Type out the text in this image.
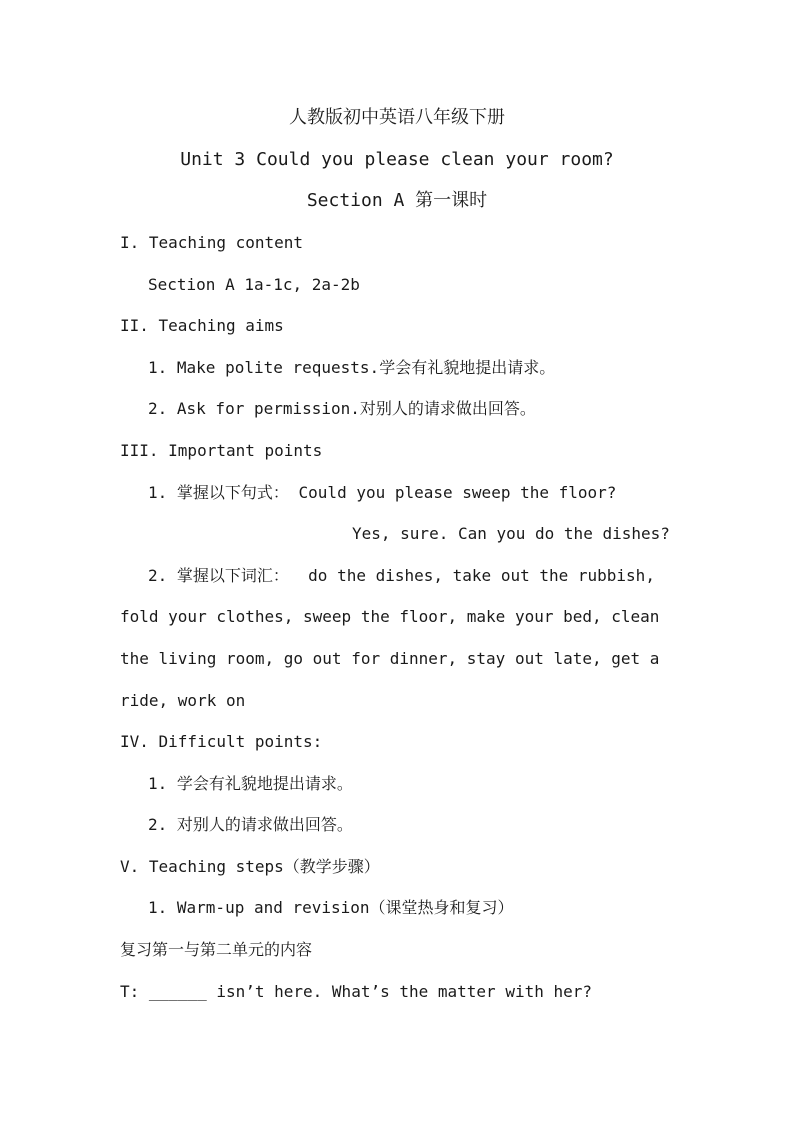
人教版初中英语八年级下册
Unit 3 Could you please clean your room?
Section A 第一课时
I. Teaching content
Section A 1a-1c, 2a-2b
II. Teaching aims
1. Make polite requests.学会有礼貌地提出请求。
2. Ask for permission.对别人的请求做出回答。
III. Important points
1. 掌握以下句式： Could you please sweep the floor?
Yes, sure. Can you do the dishes?
2. 掌握以下词汇：  do the dishes, take out the rubbish,
fold your clothes, sweep the floor, make your bed, clean
the living room, go out for dinner, stay out late, get a
ride, work on
IV. Difficult points:
1. 学会有礼貌地提出请求。
2. 对别人的请求做出回答。
V. Teaching steps（教学步骤）
1. Warm-up and revision（课堂热身和复习）
复习第一与第二单元的内容
T: ______ isn’t here. What’s the matter with her?
